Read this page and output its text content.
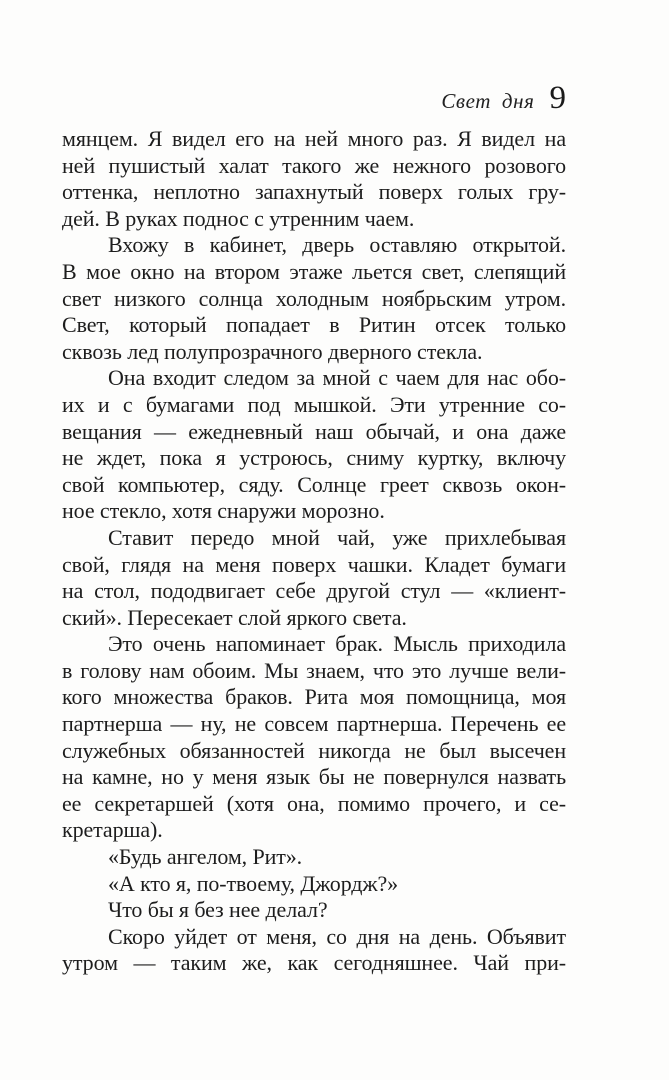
Свет дня 9
мянцем. Я видел его на ней много раз. Я видел на
ней пушистый халат такого же нежного розового
оттенка, неплотно запахнутый поверх голых гру-
дей. В руках поднос с утренним чаем.
Вхожу в кабинет, дверь оставляю открытой.
В мое окно на втором этаже льется свет, слепящий
свет низкого солнца холодным ноябрьским утром.
Свет, который попадает в Ритин отсек только
сквозь лед полупрозрачного дверного стекла.
Она входит следом за мной с чаем для нас обо-
их и с бумагами под мышкой. Эти утренние со-
вещания — ежедневный наш обычай, и она даже
не ждет, пока я устроюсь, сниму куртку, включу
свой компьютер, сяду. Солнце греет сквозь окон-
ное стекло, хотя снаружи морозно.
Ставит передо мной чай, уже прихлебывая
свой, глядя на меня поверх чашки. Кладет бумаги
на стол, пододвигает себе другой стул — «клиент-
ский». Пересекает слой яркого света.
Это очень напоминает брак. Мысль приходила
в голову нам обоим. Мы знаем, что это лучше вели-
кого множества браков. Рита моя помощница, моя
партнерша — ну, не совсем партнерша. Перечень ее
служебных обязанностей никогда не был высечен
на камне, но у меня язык бы не повернулся назвать
ее секретаршей (хотя она, помимо прочего, и се-
кретарша).
«Будь ангелом, Рит».
«А кто я, по-твоему, Джордж?»
Что бы я без нее делал?
Скоро уйдет от меня, со дня на день. Объявит
утром — таким же, как сегодняшнее. Чай при-
